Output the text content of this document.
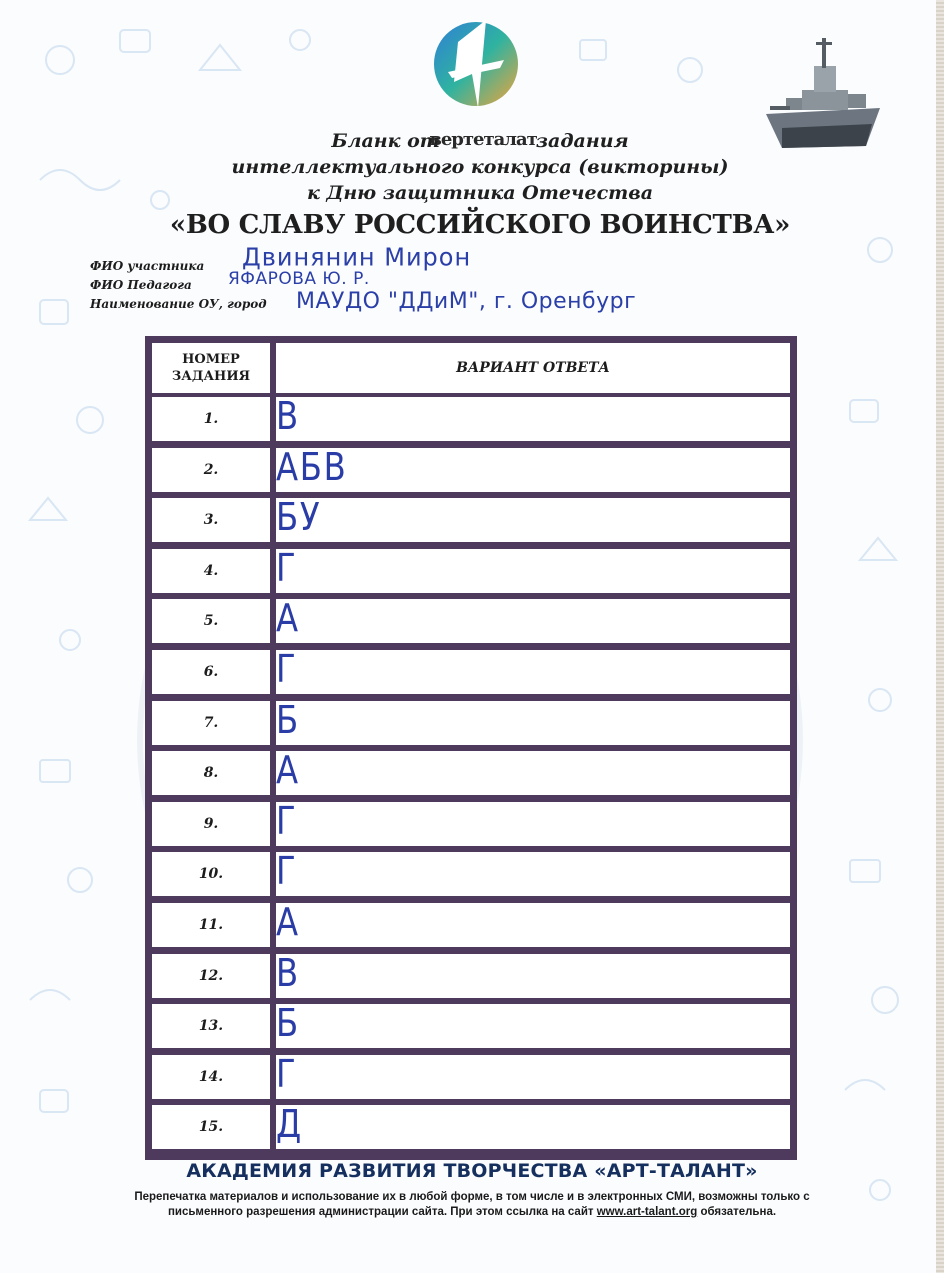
Бланк от	задания
вертеталат
интеллектуального конкурса (викторины)
к Дню защитника Отечества
«ВО СЛАВУ РОССИЙСКОГО ВОИНСТВА»
ФИО участника Двинянин Мирон
ФИО Педагога ЯФАРОВА Ю. Р.
Наименование ОУ, город МАУДО "ДДиМ", г. Оренбург
НОМЕР
ЗАДАНИЯ
ВАРИАНТ ОТВЕТА
1.	В
2.	АБВ
3.	БУ
4.	Г
5.	А
6.	Г
7.	Б
8.	А
9.	Г
10.	Г
11.	А
12.	В
13.	Б
14.	Г
15.	Д
АКАДЕМИЯ РАЗВИТИЯ ТВОРЧЕСТВА «АРТ-ТАЛАНТ»
Перепечатка материалов и использование их в любой форме, в том числе и в электронных СМИ, возможны только с письменного разрешения администрации сайта. При этом ссылка на сайт www.art-talant.org обязательна.
